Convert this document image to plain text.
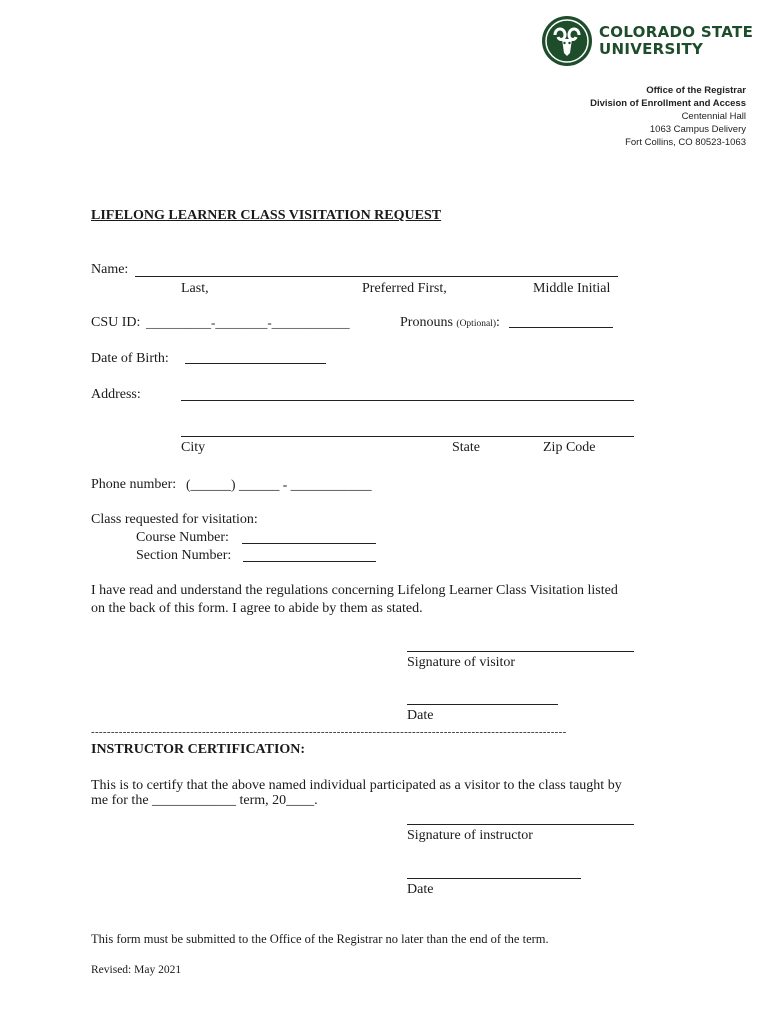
COLORADO STATE
UNIVERSITY
Office of the Registrar
Division of Enrollment and Access
Centennial Hall
1063 Campus Delivery
Fort Collins, CO 80523-1063
LIFELONG LEARNER CLASS VISITATION REQUEST
Name:
Last,	Preferred First,	Middle Initial
CSU ID: __________-________-____________	Pronouns (Optional):
Date of Birth:
Address:
City	State	Zip Code
Phone number: (______) ______ - ____________
Class requested for visitation:
Course Number:
Section Number:
I have read and understand the regulations concerning Lifelong Learner Class Visitation listed
on the back of this form. I agree to abide by them as stated.
Signature of visitor
Date
------------------------------------------------------------------------------------------------------------------------
INSTRUCTOR CERTIFICATION:
This is to certify that the above named individual participated as a visitor to the class taught by
me for the ____________ term, 20____.
Signature of instructor
Date
This form must be submitted to the Office of the Registrar no later than the end of the term.
Revised: May 2021
